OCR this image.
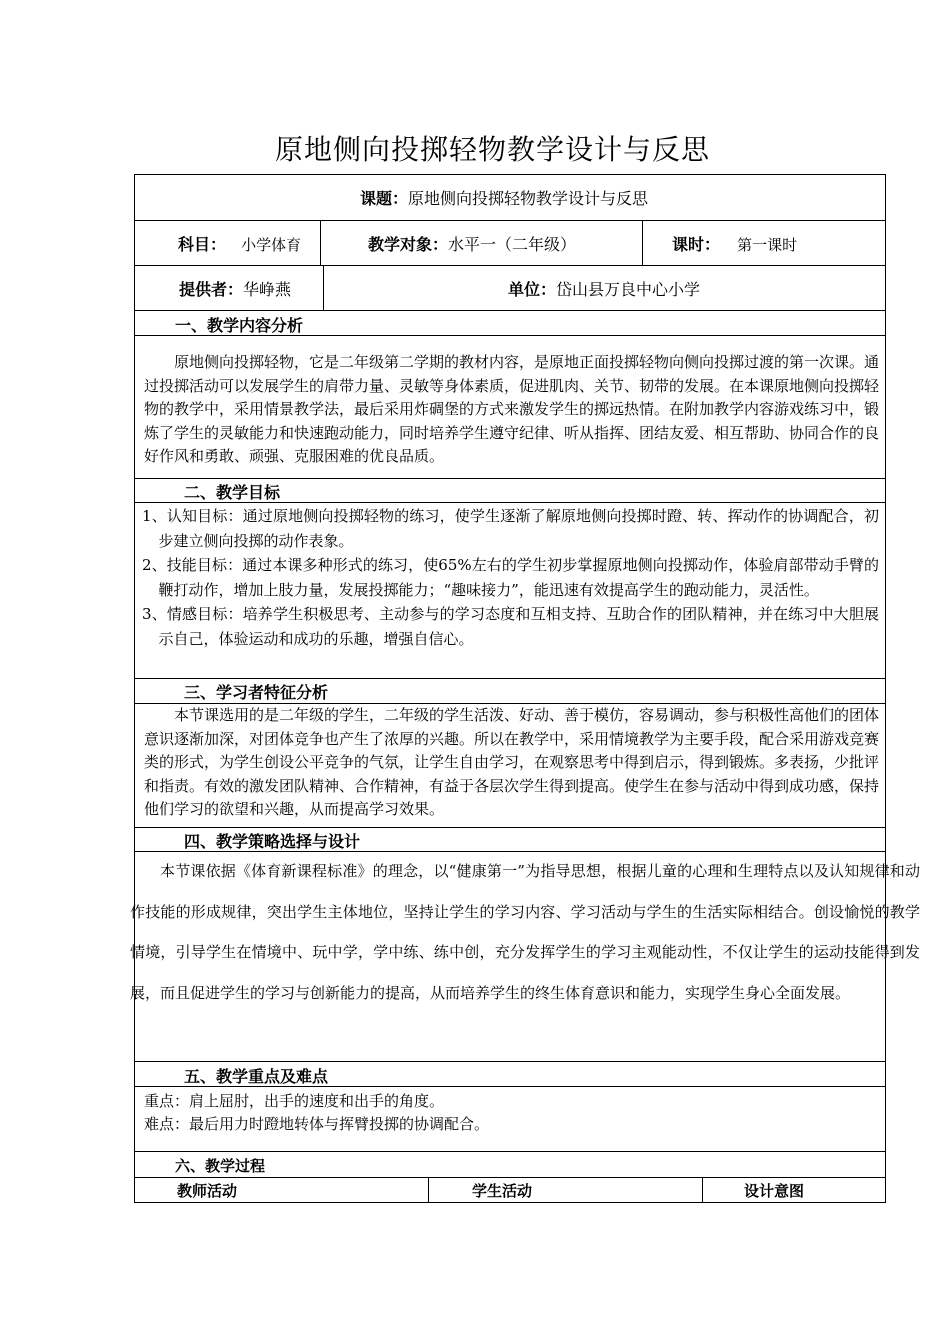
原地侧向投掷轻物教学设计与反思
课题：原地侧向投掷轻物教学设计与反思
科目： 小学体育	教学对象：水平一（二年级）	课时： 第一课时
提供者：华峥燕	单位：岱山县万良中心小学
一、教学内容分析

原地侧向投掷轻物，它是二年级第二学期的教材内容，是原地正面投掷轻物向侧向投掷过渡的第一次课。通过投掷活动可以发展学生的肩带力量、灵敏等身体素质，促进肌肉、关节、韧带的发展。在本课原地侧向投掷轻物的教学中，采用情景教学法，最后采用炸碉堡的方式来激发学生的掷远热情。在附加教学内容游戏练习中，锻炼了学生的灵敏能力和快速跑动能力，同时培养学生遵守纪律、听从指挥、团结友爱、相互帮助、协同合作的良好作风和勇敢、顽强、克服困难的优良品质。

二、教学目标

1、认知目标：通过原地侧向投掷轻物的练习，使学生逐渐了解原地侧向投掷时蹬、转、挥动作的协调配合，初步建立侧向投掷的动作表象。

2、技能目标：通过本课多种形式的练习，使65%左右的学生初步掌握原地侧向投掷动作，体验肩部带动手臂的鞭打动作，增加上肢力量，发展投掷能力；“趣味接力”，能迅速有效提高学生的跑动能力，灵活性。

3、情感目标：培养学生积极思考、主动参与的学习态度和互相支持、互助合作的团队精神，并在练习中大胆展示自己，体验运动和成功的乐趣，增强自信心。

三、学习者特征分析

本节课选用的是二年级的学生，二年级的学生活泼、好动、善于模仿，容易调动，参与积极性高他们的团体意识逐渐加深，对团体竞争也产生了浓厚的兴趣。所以在教学中，采用情境教学为主要手段，配合采用游戏竞赛类的形式，为学生创设公平竞争的气氛，让学生自由学习，在观察思考中得到启示，得到锻炼。多表扬，少批评和指责。有效的激发团队精神、合作精神，有益于各层次学生得到提高。使学生在参与活动中得到成功感，保持他们学习的欲望和兴趣，从而提高学习效果。

四、教学策略选择与设计

本节课依据《体育新课程标准》的理念，以“健康第一”为指导思想，根据儿童的心理和生理特点以及认知规律和动作技能的形成规律，突出学生主体地位，坚持让学生的学习内容、学习活动与学生的生活实际相结合。创设愉悦的教学情境，引导学生在情境中、玩中学，学中练、练中创，充分发挥学生的学习主观能动性，不仅让学生的运动技能得到发展，而且促进学生的学习与创新能力的提高，从而培养学生的终生体育意识和能力，实现学生身心全面发展。

五、教学重点及难点

重点：肩上屈肘，出手的速度和出手的角度。

难点：最后用力时蹬地转体与挥臂投掷的协调配合。

六、教学过程
教师活动	学生活动	设计意图
